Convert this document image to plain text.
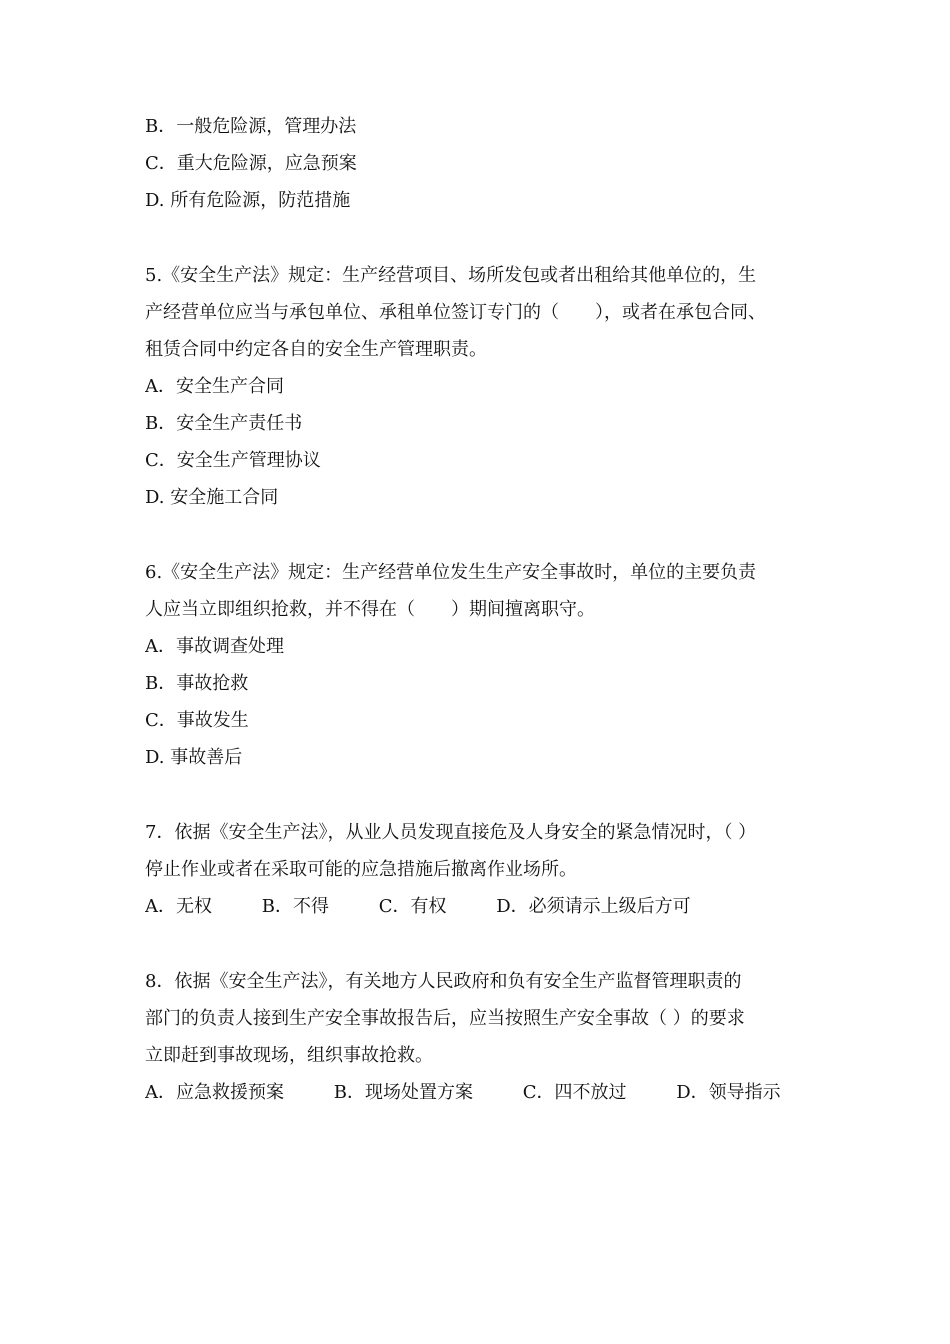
B．一般危险源，管理办法
C．重大危险源，应急预案
D. 所有危险源，防范措施
5.《安全生产法》规定：生产经营项目、场所发包或者出租给其他单位的，生
产经营单位应当与承包单位、承租单位签订专门的（　　），或者在承包合同、
租赁合同中约定各自的安全生产管理职责。
A．安全生产合同
B．安全生产责任书
C．安全生产管理协议
D. 安全施工合同
6.《安全生产法》规定：生产经营单位发生生产安全事故时，单位的主要负责
人应当立即组织抢救，并不得在（　　）期间擅离职守。
A．事故调查处理
B．事故抢救
C．事故发生
D. 事故善后
7．依据《安全生产法》，从业人员发现直接危及人身安全的紧急情况时，（ ）
停止作业或者在采取可能的应急措施后撤离作业场所。
A．无权	B．不得	C．有权	D．必须请示上级后方可
8．依据《安全生产法》，有关地方人民政府和负有安全生产监督管理职责的
部门的负责人接到生产安全事故报告后，应当按照生产安全事故（ ）的要求
立即赶到事故现场，组织事故抢救。
A．应急救援预案	B．现场处置方案	C．四不放过	D．领导指示
